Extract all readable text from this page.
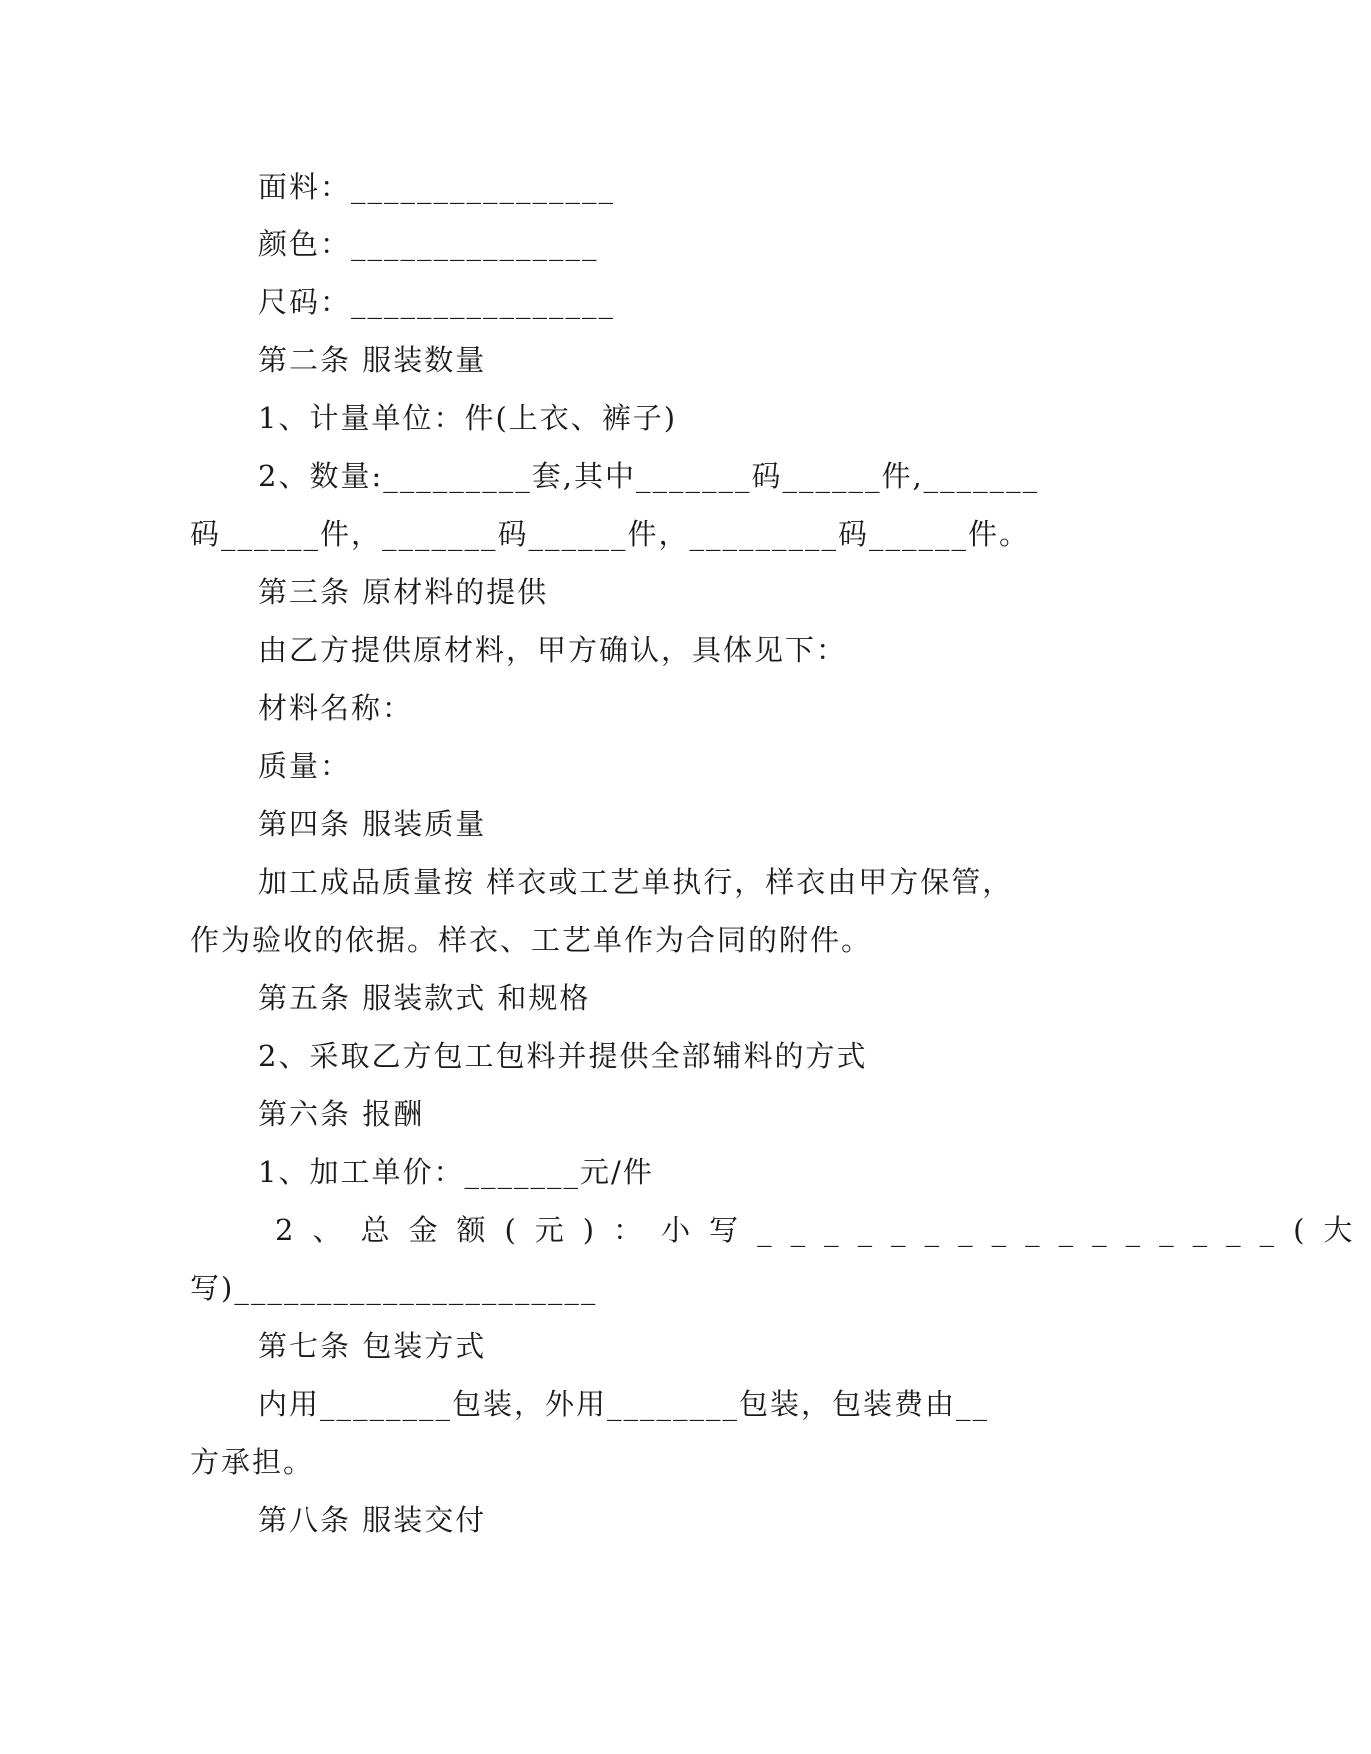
面料：________________
颜色：_______________
尺码：________________
第二条 服装数量
1、计量单位：件(上衣、裤子)
2、数量:_________套,其中_______码______件,_______
码______件，_______码______件，_________码______件。
第三条 原材料的提供
由乙方提供原材料，甲方确认，具体见下：
材料名称：
质量：
第四条 服装质量
加工成品质量按 样衣或工艺单执行，样衣由甲方保管，
作为验收的依据。样衣、工艺单作为合同的附件。
第五条 服装款式 和规格
2、采取乙方包工包料并提供全部辅料的方式
第六条 报酬
1、加工单价：_______元/件
2、总金额(元)：小写________________(大
写)______________________
第七条 包装方式
内用________包装，外用________包装，包装费由__
方承担。
第八条 服装交付
